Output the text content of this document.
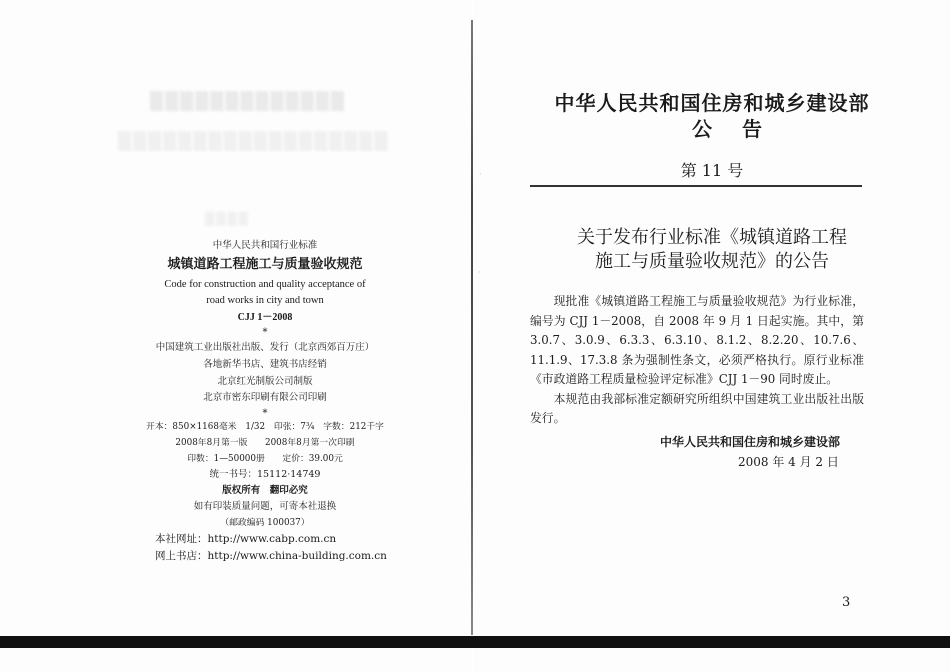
▒▒▒▒▒▒▒▒▒▒▒▒▒
▒▒▒▒▒▒▒▒▒▒▒▒▒▒▒▒▒▒
▒▒▒▒
中华人民共和国行业标准
城镇道路工程施工与质量验收规范
Code for construction and quality acceptance of
road works in city and town
CJJ 1－2008
*
中国建筑工业出版社出版、发行（北京西郊百万庄）
各地新华书店、建筑书店经销
北京红光制版公司制版
北京市密东印刷有限公司印刷
*
开本：850×1168毫米　1/32　印张：7¾　字数：212千字
2008年8月第一版　　2008年8月第一次印刷
印数：1—50000册　　定价：39.00元
统一书号：15112·14749
版权所有　翻印必究
如有印装质量问题，可寄本社退换
（邮政编码 100037）
本社网址：http://www.cabp.com.cn
网上书店：http://www.china-building.com.cn
中华人民共和国住房和城乡建设部
公告
第 11 号
关于发布行业标准《城镇道路工程
施工与质量验收规范》的公告

现批准《城镇道路工程施工与质量验收规范》为行业标准，编号为 CJJ 1－2008，自 2008 年 9 月 1 日起实施。其中，第 3.0.7、3.0.9、6.3.3、6.3.10、8.1.2、8.2.20、10.7.6、11.1.9、17.3.8 条为强制性条文，必须严格执行。原行业标准《市政道路工程质量检验评定标准》CJJ 1－90 同时废止。

本规范由我部标准定额研究所组织中国建筑工业出版社出版发行。

中华人民共和国住房和城乡建设部
2008 年 4 月 2 日
3
·
·
